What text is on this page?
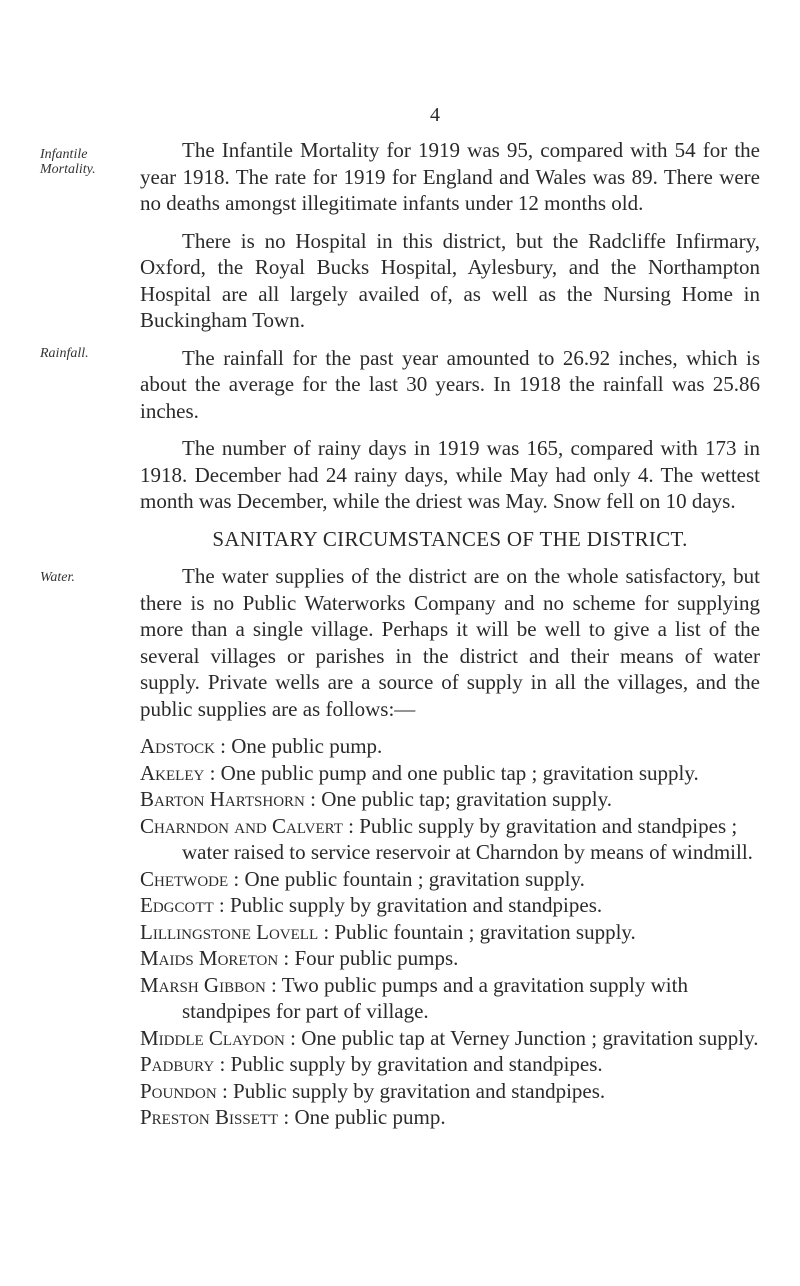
4
Infantile Mortality.
Rainfall.
Water.

The Infantile Mortality for 1919 was 95, compared with 54 for the year 1918. The rate for 1919 for England and Wales was 89. There were no deaths amongst illegitimate infants under 12 months old.

There is no Hospital in this district, but the Radcliffe Infirmary, Oxford, the Royal Bucks Hospital, Aylesbury, and the Northampton Hospital are all largely availed of, as well as the Nursing Home in Buckingham Town.

The rainfall for the past year amounted to 26.92 inches, which is about the average for the last 30 years. In 1918 the rainfall was 25.86 inches.

The number of rainy days in 1919 was 165, compared with 173 in 1918. December had 24 rainy days, while May had only 4. The wettest month was December, while the driest was May. Snow fell on 10 days.

SANITARY CIRCUMSTANCES OF THE DISTRICT.

The water supplies of the district are on the whole satisfactory, but there is no Public Waterworks Company and no scheme for supplying more than a single village. Perhaps it will be well to give a list of the several villages or parishes in the district and their means of water supply. Private wells are a source of supply in all the villages, and the public supplies are as follows:—

Adstock : One public pump.

Akeley : One public pump and one public tap ; gravitation supply.

Barton Hartshorn : One public tap; gravitation supply.

Charndon and Calvert : Public supply by gravitation and standpipes ; water raised to service reservoir at Charndon by means of windmill.

Chetwode : One public fountain ; gravitation supply.

Edgcott : Public supply by gravitation and standpipes.

Lillingstone Lovell : Public fountain ; gravitation supply.

Maids Moreton : Four public pumps.

Marsh Gibbon : Two public pumps and a gravitation supply with standpipes for part of village.

Middle Claydon : One public tap at Verney Junction ; gravitation supply.

Padbury : Public supply by gravitation and standpipes.

Poundon : Public supply by gravitation and standpipes.

Preston Bissett : One public pump.
